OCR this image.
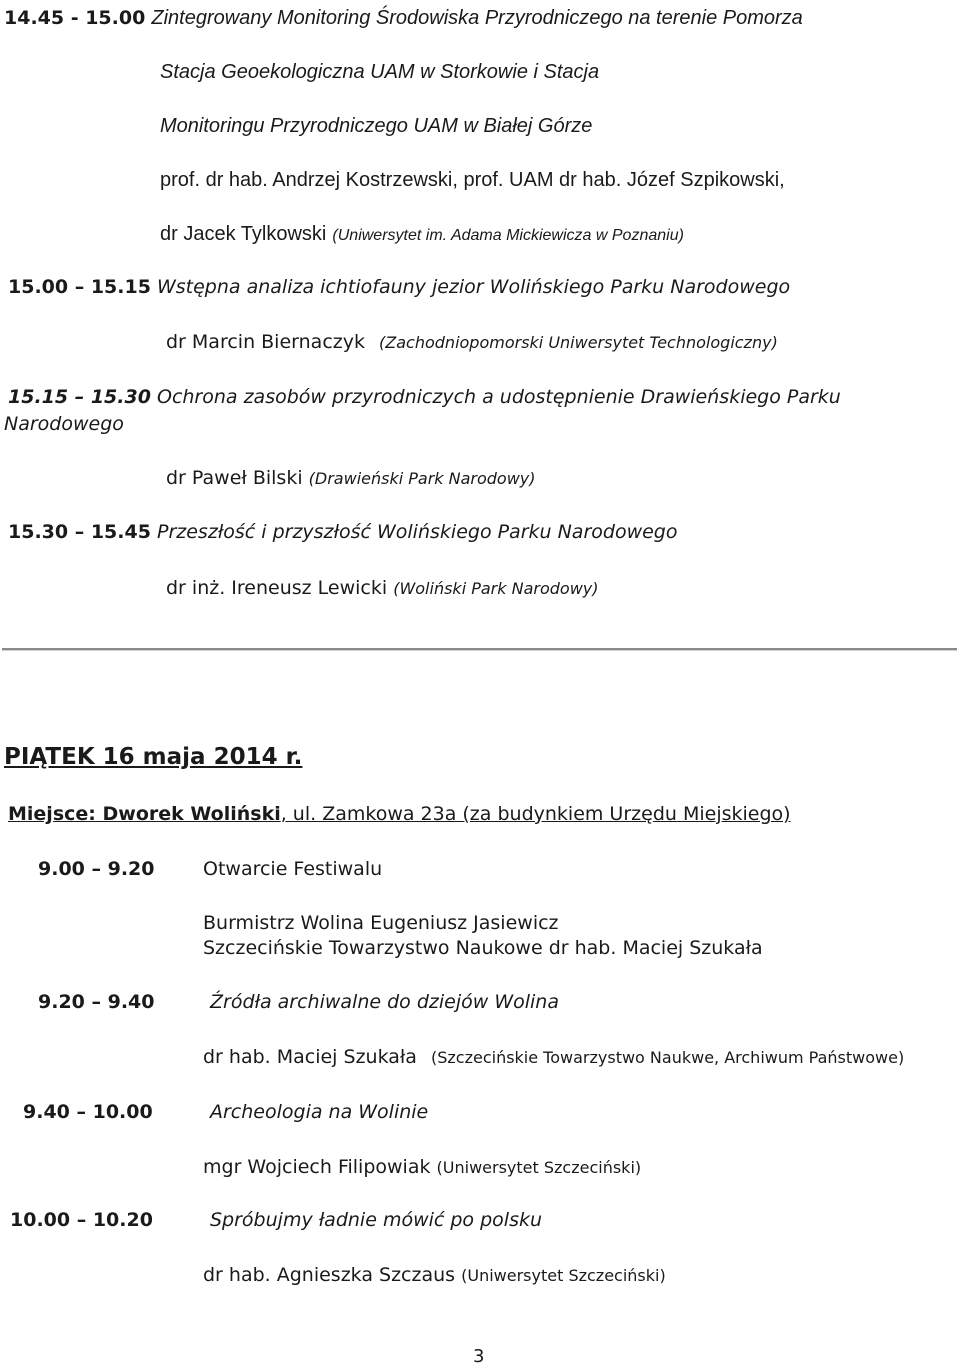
14.45 - 15.00 Zintegrowany Monitoring Środowiska Przyrodniczego na terenie Pomorza
Stacja Geoekologiczna UAM w Storkowie i Stacja
Monitoringu Przyrodniczego UAM w Białej Górze
prof. dr hab. Andrzej Kostrzewski, prof. UAM dr hab. Józef Szpikowski,
dr Jacek Tylkowski (Uniwersytet im. Adama Mickiewicza w Poznaniu)
15.00 – 15.15 Wstępna analiza ichtiofauny jezior Wolińskiego Parku Narodowego
dr Marcin Biernaczyk (Zachodniopomorski Uniwersytet Technologiczny)
15.15 – 15.30 Ochrona zasobów przyrodniczych a udostępnienie Drawieńskiego Parku
Narodowego
dr Paweł Bilski (Drawieński Park Narodowy)
15.30 – 15.45 Przeszłość i przyszłość Wolińskiego Parku Narodowego
dr inż. Ireneusz Lewicki (Woliński Park Narodowy)
PIĄTEK 16 maja 2014 r.
Miejsce: Dworek Woliński, ul. Zamkowa 23a (za budynkiem Urzędu Miejskiego)
9.00 – 9.20	Otwarcie Festiwalu
Burmistrz Wolina Eugeniusz Jasiewicz
Szczecińskie Towarzystwo Naukowe dr hab. Maciej Szukała
9.20 – 9.40	Źródła archiwalne do dziejów Wolina
dr hab. Maciej Szukała (Szczecińskie Towarzystwo Naukwe, Archiwum Państwowe)
9.40 – 10.00	Archeologia na Wolinie
mgr Wojciech Filipowiak (Uniwersytet Szczeciński)
10.00 – 10.20	Spróbujmy ładnie mówić po polsku
dr hab. Agnieszka Szczaus (Uniwersytet Szczeciński)
3
